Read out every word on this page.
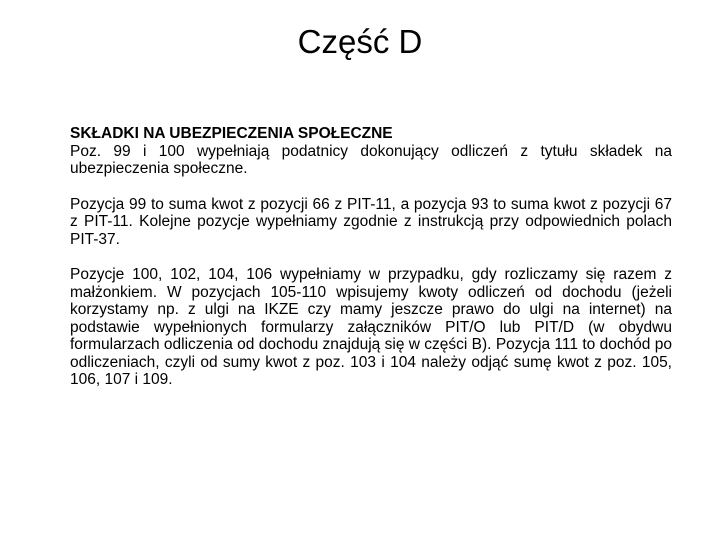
Część D

SKŁADKI NA UBEZPIECZENIA SPOŁECZNE
Poz. 99 i 100 wypełniają podatnicy dokonujący odliczeń z tytułu składek na ubezpieczenia społeczne.

Pozycja 99 to suma kwot z pozycji 66 z PIT-11, a pozycja 93 to suma kwot z pozycji 67 z PIT-11. Kolejne pozycje wypełniamy zgodnie z instrukcją przy odpowiednich polach PIT-37.

Pozycje 100, 102, 104, 106 wypełniamy w przypadku, gdy rozliczamy się razem z małżonkiem. W pozycjach 105-110 wpisujemy kwoty odliczeń od dochodu (jeżeli korzystamy np. z ulgi na IKZE czy mamy jeszcze prawo do ulgi na internet) na podstawie wypełnionych formularzy załączników PIT/O lub PIT/D (w obydwu formularzach odliczenia od dochodu znajdują się w części B). Pozycja 111 to dochód po odliczeniach, czyli od sumy kwot z poz. 103 i 104 należy odjąć sumę kwot z poz. 105, 106, 107 i 109.
